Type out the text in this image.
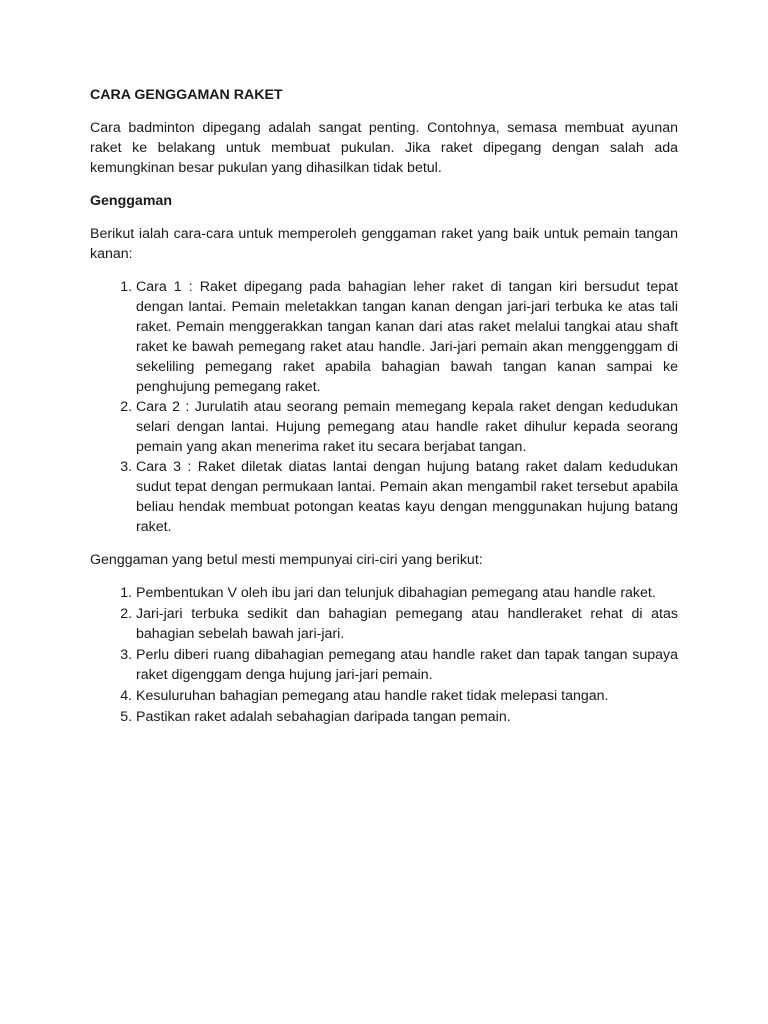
CARA GENGGAMAN RAKET

Cara badminton dipegang adalah sangat penting. Contohnya, semasa membuat ayunan raket ke belakang untuk membuat pukulan. Jika raket dipegang dengan salah ada kemungkinan besar pukulan yang dihasilkan tidak betul.

Genggaman

Berikut ialah cara-cara untuk memperoleh genggaman raket yang baik untuk pemain tangan kanan:

1. Cara 1 : Raket dipegang pada bahagian leher raket di tangan kiri bersudut tepat dengan lantai. Pemain meletakkan tangan kanan dengan jari-jari terbuka ke atas tali raket. Pemain menggerakkan tangan kanan dari atas raket melalui tangkai atau shaft raket ke bawah pemegang raket atau handle. Jari-jari pemain akan menggenggam di sekeliling pemegang raket apabila bahagian bawah tangan kanan sampai ke penghujung pemegang raket.
2. Cara 2 : Jurulatih atau seorang pemain memegang kepala raket dengan kedudukan selari dengan lantai. Hujung pemegang atau handle raket dihulur kepada seorang pemain yang akan menerima raket itu secara berjabat tangan.
3. Cara 3 : Raket diletak diatas lantai dengan hujung batang raket dalam kedudukan sudut tepat dengan permukaan lantai. Pemain akan mengambil raket tersebut apabila beliau hendak membuat potongan keatas kayu dengan menggunakan hujung batang raket.

Genggaman yang betul mesti mempunyai ciri-ciri yang berikut:

1. Pembentukan V oleh ibu jari dan telunjuk dibahagian pemegang atau handle raket.
2. Jari-jari terbuka sedikit dan bahagian pemegang atau handleraket rehat di atas bahagian sebelah bawah jari-jari.
3. Perlu diberi ruang dibahagian pemegang atau handle raket dan tapak tangan supaya raket digenggam denga hujung jari-jari pemain.
4. Kesuluruhan bahagian pemegang atau handle raket tidak melepasi tangan.
5. Pastikan raket adalah sebahagian daripada tangan pemain.
